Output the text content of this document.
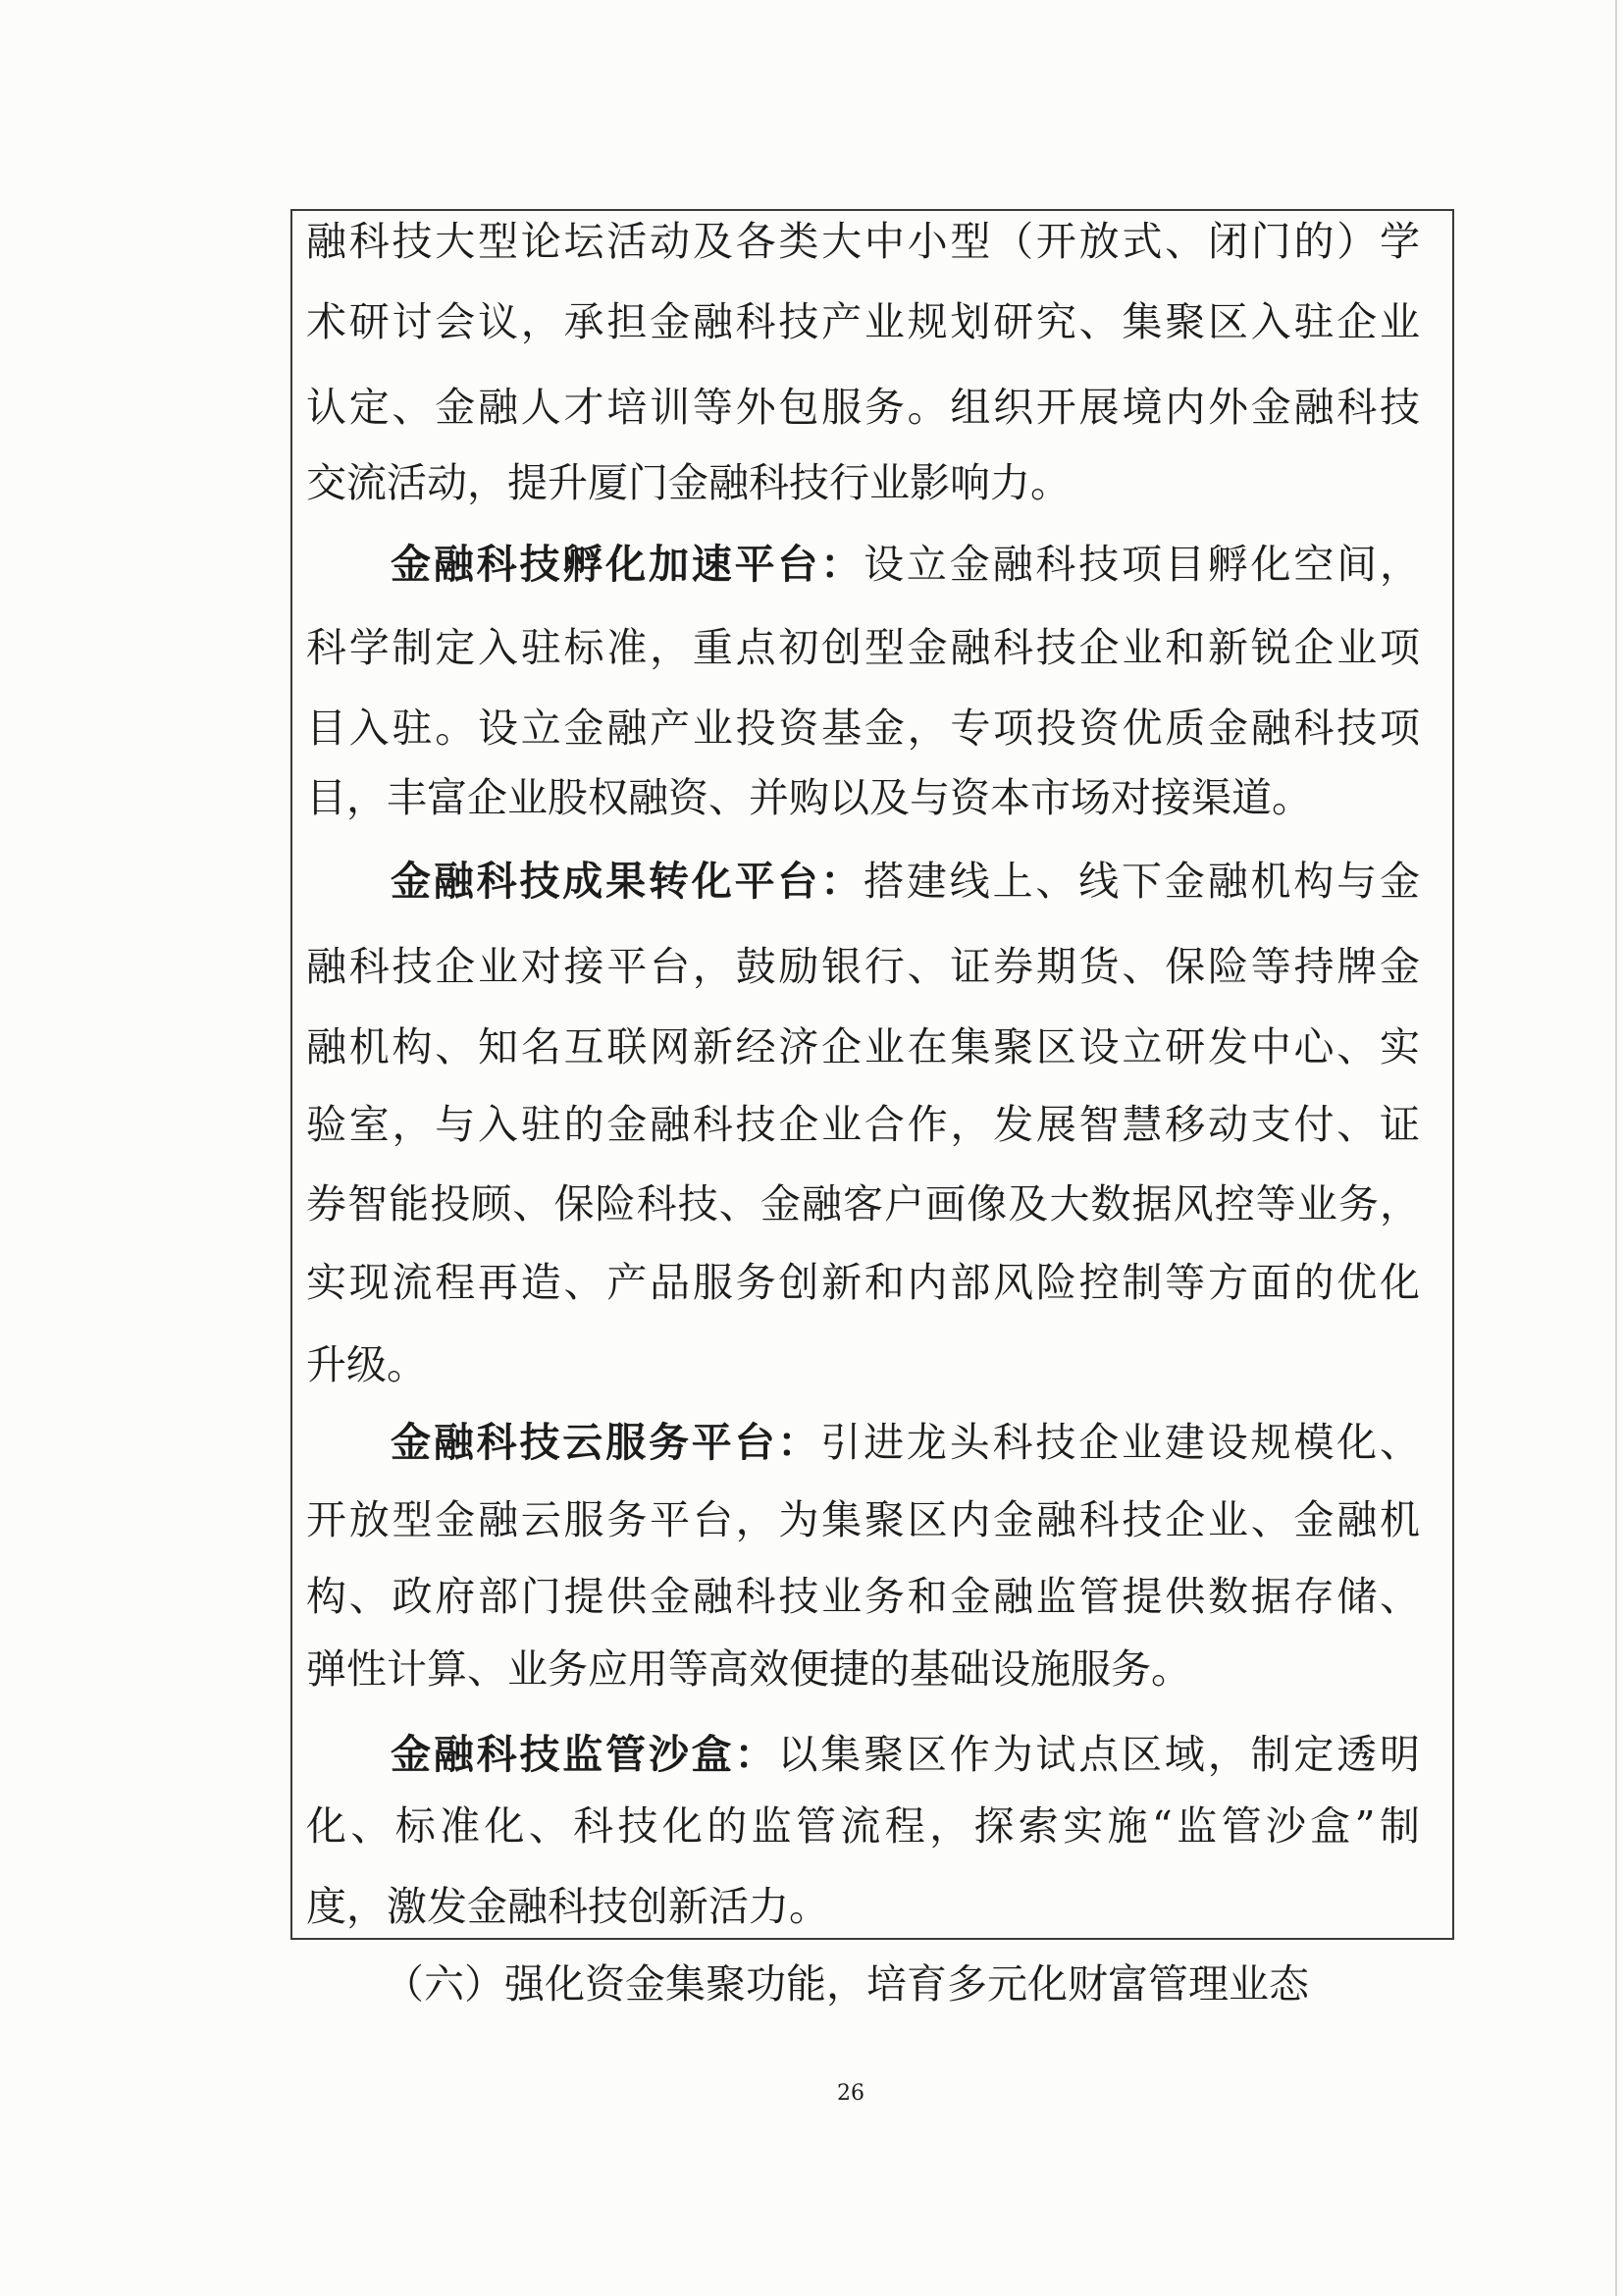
融科技大型论坛活动及各类大中小型（开放式、闭门的）学
术研讨会议，承担金融科技产业规划研究、集聚区入驻企业
认定、金融人才培训等外包服务。组织开展境内外金融科技
交流活动，提升厦门金融科技行业影响力。
金融科技孵化加速平台：设立金融科技项目孵化空间，
科学制定入驻标准，重点初创型金融科技企业和新锐企业项
目入驻。设立金融产业投资基金，专项投资优质金融科技项
目，丰富企业股权融资、并购以及与资本市场对接渠道。
金融科技成果转化平台：搭建线上、线下金融机构与金
融科技企业对接平台，鼓励银行、证券期货、保险等持牌金
融机构、知名互联网新经济企业在集聚区设立研发中心、实
验室，与入驻的金融科技企业合作，发展智慧移动支付、证
券智能投顾、保险科技、金融客户画像及大数据风控等业务，
实现流程再造、产品服务创新和内部风险控制等方面的优化
升级。
金融科技云服务平台：引进龙头科技企业建设规模化、
开放型金融云服务平台，为集聚区内金融科技企业、金融机
构、政府部门提供金融科技业务和金融监管提供数据存储、
弹性计算、业务应用等高效便捷的基础设施服务。
金融科技监管沙盒：以集聚区作为试点区域，制定透明
化、标准化、科技化的监管流程，探索实施“监管沙盒”制
度，激发金融科技创新活力。
（六）强化资金集聚功能，培育多元化财富管理业态
26
